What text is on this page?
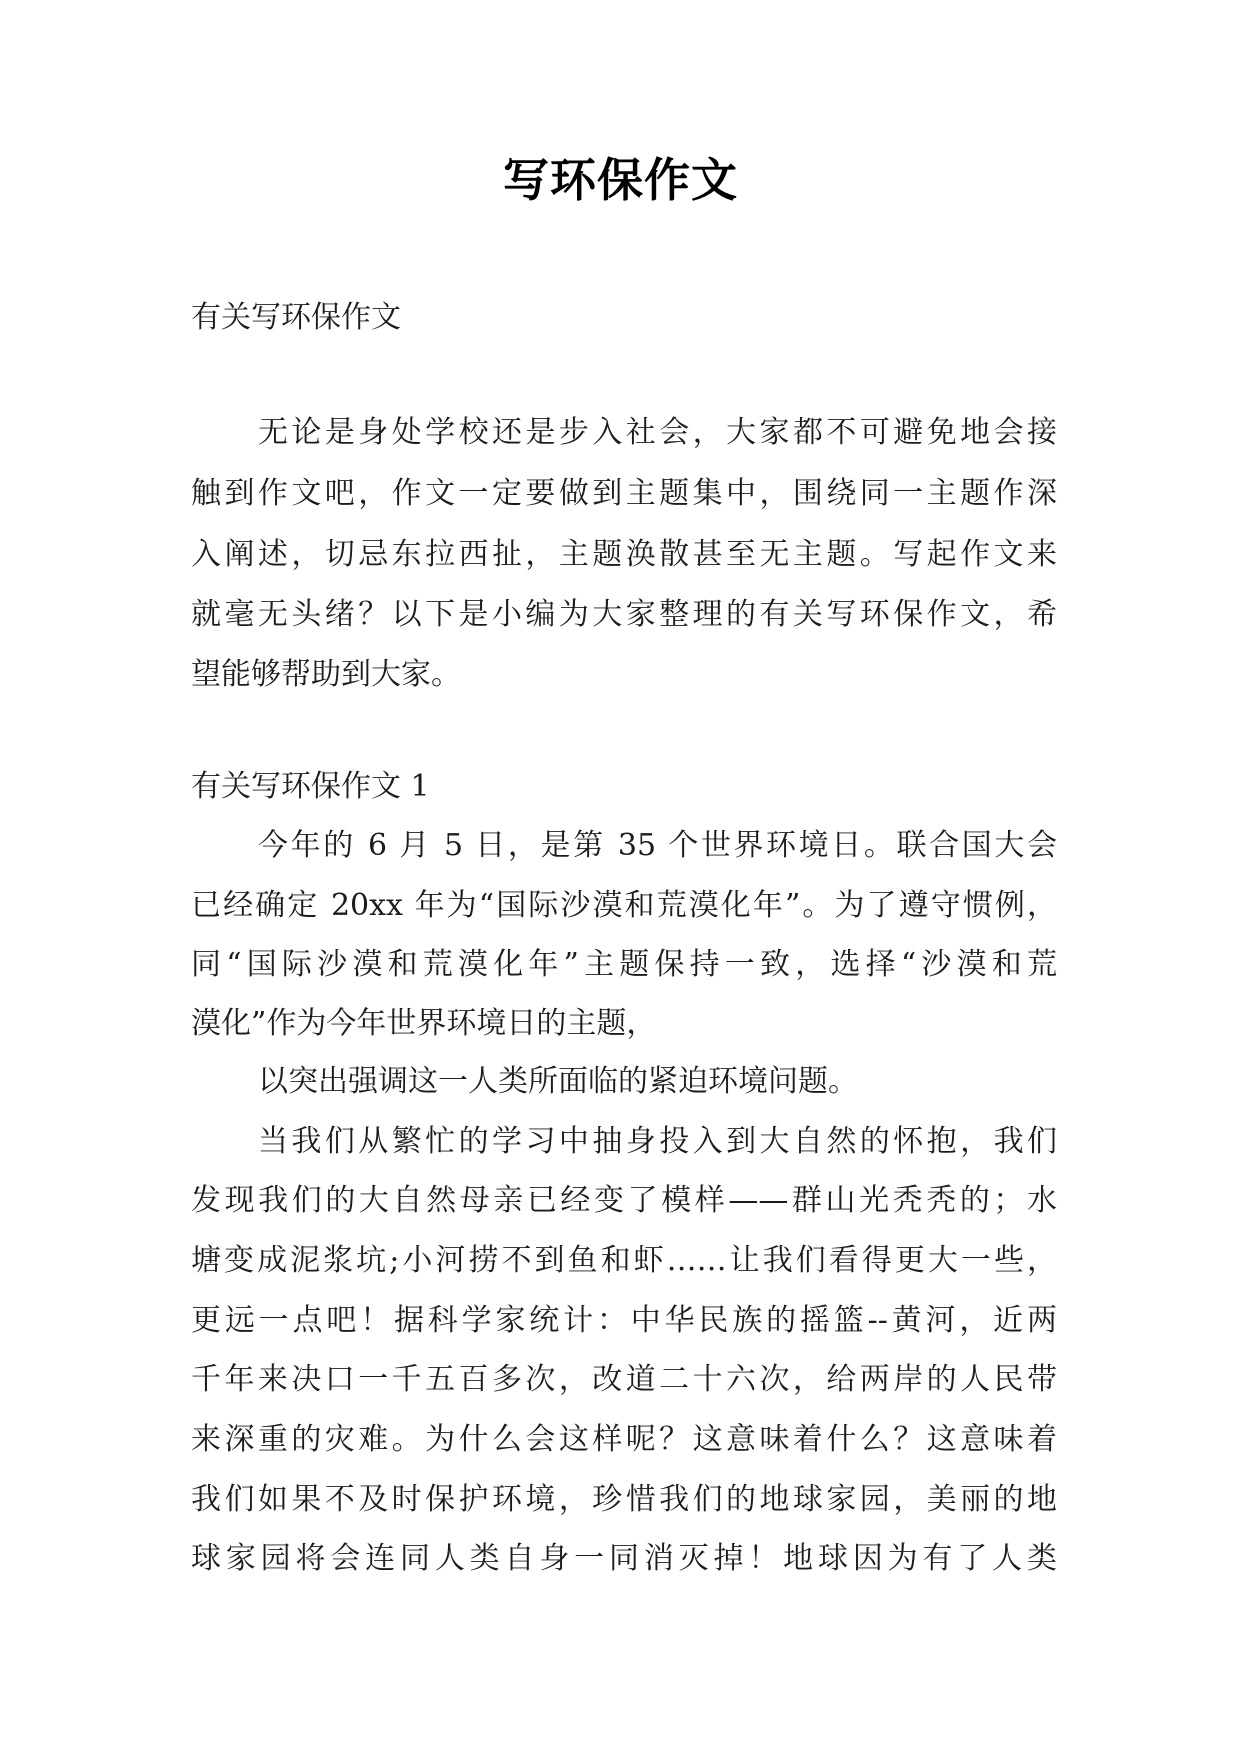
写环保作文
有关写环保作文
无论是身处学校还是步入社会，大家都不可避免地会接
触到作文吧，作文一定要做到主题集中，围绕同一主题作深
入阐述，切忌东拉西扯，主题涣散甚至无主题。写起作文来
就毫无头绪？以下是小编为大家整理的有关写环保作文，希
望能够帮助到大家。
有关写环保作文 1
今年的 6 月 5 日，是第 35 个世界环境日。联合国大会
已经确定 20xx 年为“国际沙漠和荒漠化年”。为了遵守惯例，
同“国际沙漠和荒漠化年”主题保持一致，选择“沙漠和荒
漠化”作为今年世界环境日的主题，
以突出强调这一人类所面临的紧迫环境问题。
当我们从繁忙的学习中抽身投入到大自然的怀抱，我们
发现我们的大自然母亲已经变了模样——群山光秃秃的；水
塘变成泥浆坑;小河捞不到鱼和虾……让我们看得更大一些，
更远一点吧！据科学家统计：中华民族的摇篮--黄河，近两
千年来决口一千五百多次，改道二十六次，给两岸的人民带
来深重的灾难。为什么会这样呢？这意味着什么？这意味着
我们如果不及时保护环境，珍惜我们的地球家园，美丽的地
球家园将会连同人类自身一同消灭掉！地球因为有了人类
